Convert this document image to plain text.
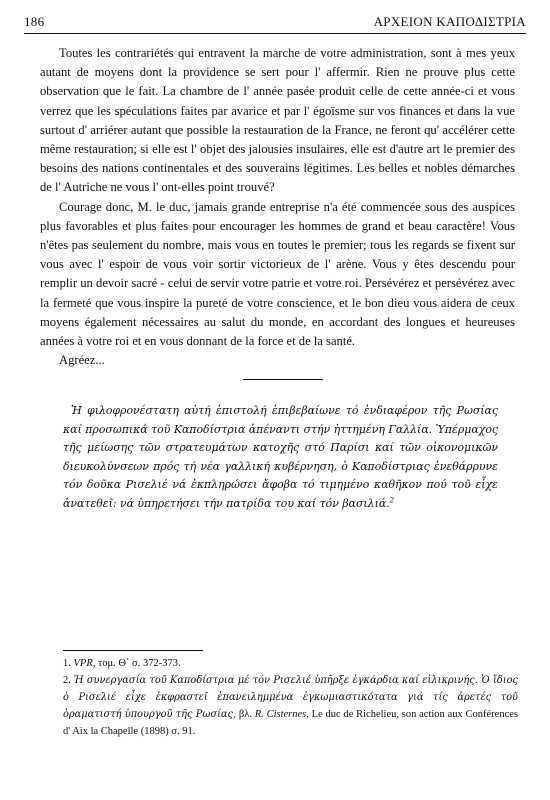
186	ΑΡΧΕΙΟΝ ΚΑΠΟΔΙΣΤΡΙΑ

Toutes les contrariétés qui entravent la marche de votre administration, sont à mes yeux autant de moyens dont la providence se sert pour l' affermir. Rien ne prouve plus cette observation que le fait. La chambre de l' année pasée produit celle de cette année-ci et vous verrez que les spéculations faites par avarice et par l' égoïsme sur vos finances et dans la vue surtout d' arriérer autant que possible la restauration de la France, ne feront qu' accélérer cette même restauration; si elle est l' objet des jalousies insulaires, elle est d'autre art le premier des besoins des nations continentales et des souverains légitimes. Les belles et nobles démarches de l' Autriche ne vous l' ont-elles point trouvé?

Courage donc, M. le duc, jamais grande entreprise n'a été commencée sous des auspices plus favorables et plus faites pour encourager les hommes de grand et beau caractère! Vous n'êtes pas seulement du nombre, mais vous en toutes le premier; tous les regards se fixent sur vous avec l' espoir de vous voir sortir victorieux de l' arène. Vous y êtes descendu pour remplir un devoir sacré - celui de servir votre patrie et votre roi. Persévérez et persévérez avec la fermeté que vous inspire la pureté de votre conscience, et le bon dieu vous aidera de ceux moyens également nécessaires au salut du monde, en accordant des longues et heureuses années à votre roi et en vous donnant de la force et de la santé.

Agréez...

Ἡ φιλοφρονέστατη αὐτή ἐπιστολή ἐπιβεβαίωνε τό ἐνδιαφέρον τῆς Ρωσίας καί προσωπικά τοῦ Καποδίστρια ἀπέναντι στήν ἡττημένη Γαλλία. Ὑπέρμαχος τῆς μείωσης τῶν στρατευμάτων κατοχῆς στό Παρίσι καί τῶν οἰκονομικῶν διευκολύνσεων πρός τή νέα γαλλική κυβέρνηση, ὁ Καποδίστριας ἐνεθάρρυνε τόν δοῦκα Ρισελιέ νά ἐκπληρώσει ἄφοβα τό τιμημένο καθῆκον πού τοῦ εἶχε ἀνατεθεῖ: νά ὑπηρετήσει τήν πατρίδα του καί τόν βασιλιά.$^2$

1. VPR, τομ. Θ΄ σ. 372-373.

2. Ἡ συνεργασία τοῦ Καποδίστρια μέ τόν Ρισελιέ ὑπῆρξε ἐγκάρδια καί εἰλικρινής. Ὁ ἴδιος ὁ Ρισελιέ εἶχε ἐκφραστεῖ ἐπανειλημμένα ἐγκωμιαστικότατα γιά τίς ἀρετές τοῦ ὁραματιστή ὑπουργοῦ τῆς Ρωσίας, βλ. R. Cisternes, Le duc de Richelieu, son action aux Conférences d' Aix la Chapelle (1898) σ. 91.
